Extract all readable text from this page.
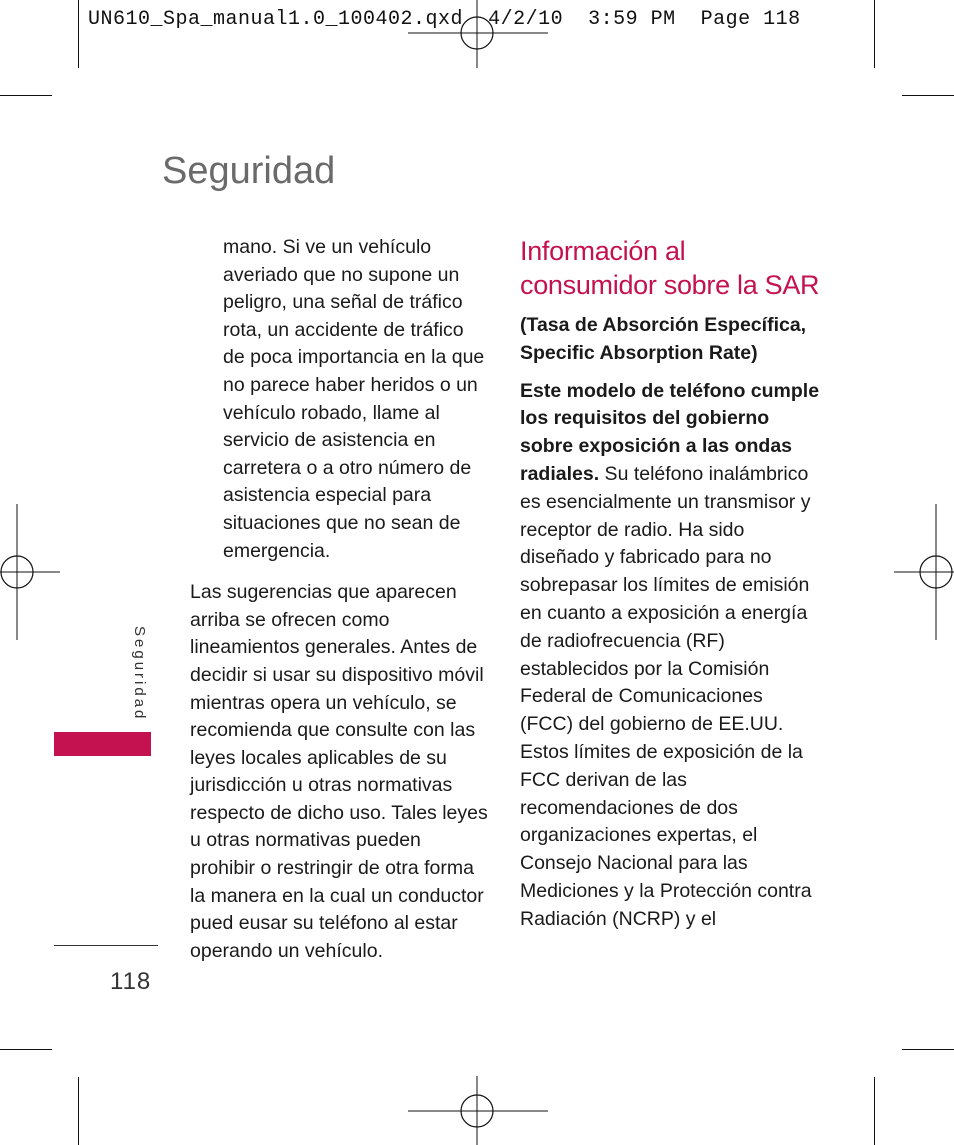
UN610_Spa_manual1.0_100402.qxd  4/2/10  3:59 PM  Page 118
Seguridad

mano. Si ve un vehículo averiado que no supone un peligro, una señal de tráfico rota, un accidente de tráfico de poca importancia en la que no parece haber heridos o un vehículo robado, llame al servicio de asistencia en carretera o a otro número de asistencia especial para situaciones que no sean de emergencia.

Las sugerencias que aparecen arriba se ofrecen como lineamientos generales. Antes de decidir si usar su dispositivo móvil mientras opera un vehículo, se recomienda que consulte con las leyes locales aplicables de su jurisdicción u otras normativas respecto de dicho uso. Tales leyes u otras normativas pueden prohibir o restringir de otra forma la manera en la cual un conductor pued eusar su teléfono al estar operando un vehículo.

Información al consumidor sobre la SAR

(Tasa de Absorción Específica, Specific Absorption Rate)

Este modelo de teléfono cumple los requisitos del gobierno sobre exposición a las ondas radiales. Su teléfono inalámbrico es esencialmente un transmisor y receptor de radio. Ha sido diseñado y fabricado para no sobrepasar los límites de emisión en cuanto a exposición a energía de radiofrecuencia (RF) establecidos por la Comisión Federal de Comunicaciones (FCC) del gobierno de EE.UU. Estos límites de exposición de la FCC derivan de las recomendaciones de dos organizaciones expertas, el Consejo Nacional para las Mediciones y la Protección contra Radiación (NCRP) y el

Seguridad
118
